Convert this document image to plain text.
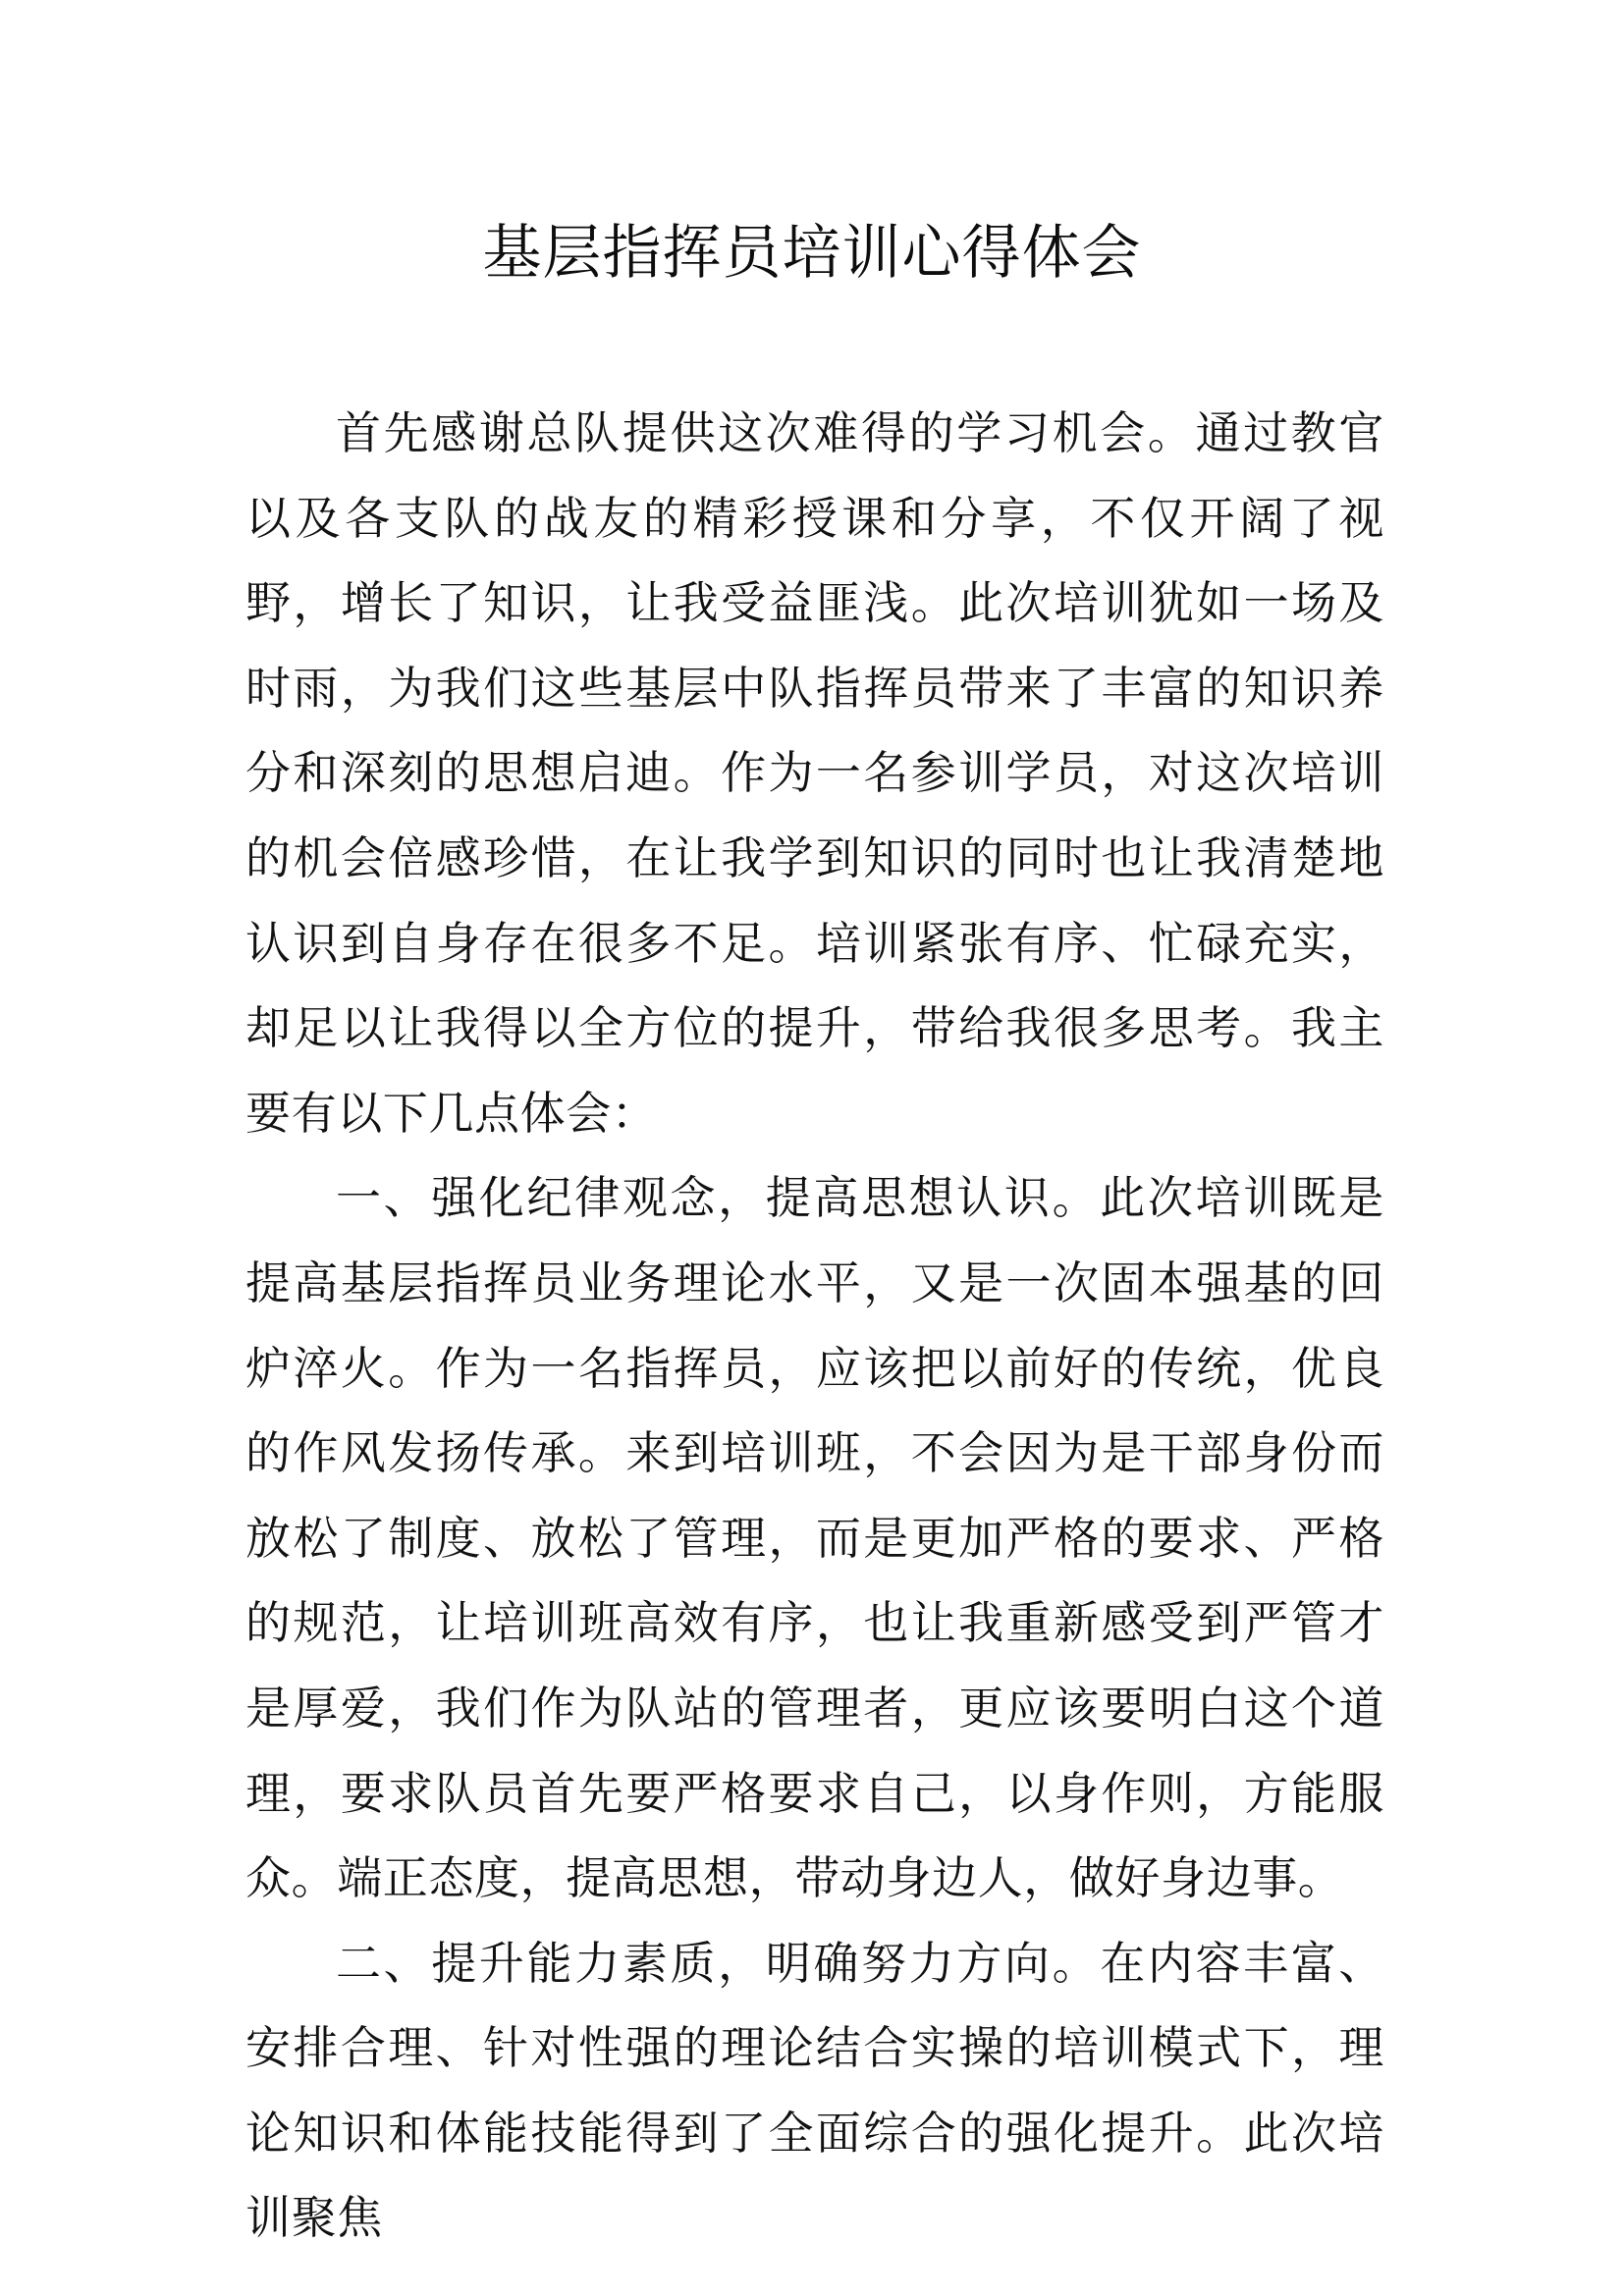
基层指挥员培训心得体会

首先感谢总队提供这次难得的学习机会。通过教官以及各支队的战友的精彩授课和分享，不仅开阔了视野，增长了知识，让我受益匪浅。此次培训犹如一场及时雨，为我们这些基层中队指挥员带来了丰富的知识养分和深刻的思想启迪。作为一名参训学员，对这次培训的机会倍感珍惜，在让我学到知识的同时也让我清楚地认识到自身存在很多不足。培训紧张有序、忙碌充实，却足以让我得以全方位的提升，带给我很多思考。我主要有以下几点体会：

一、强化纪律观念，提高思想认识。此次培训既是提高基层指挥员业务理论水平，又是一次固本强基的回炉淬火。作为一名指挥员，应该把以前好的传统，优良的作风发扬传承。来到培训班，不会因为是干部身份而放松了制度、放松了管理，而是更加严格的要求、严格的规范，让培训班高效有序，也让我重新感受到严管才是厚爱，我们作为队站的管理者，更应该要明白这个道理，要求队员首先要严格要求自己，以身作则，方能服众。端正态度，提高思想，带动身边人，做好身边事。

二、提升能力素质，明确努力方向。在内容丰富、安排合理、针对性强的理论结合实操的培训模式下，理论知识和体能技能得到了全面综合的强化提升。此次培训聚焦
